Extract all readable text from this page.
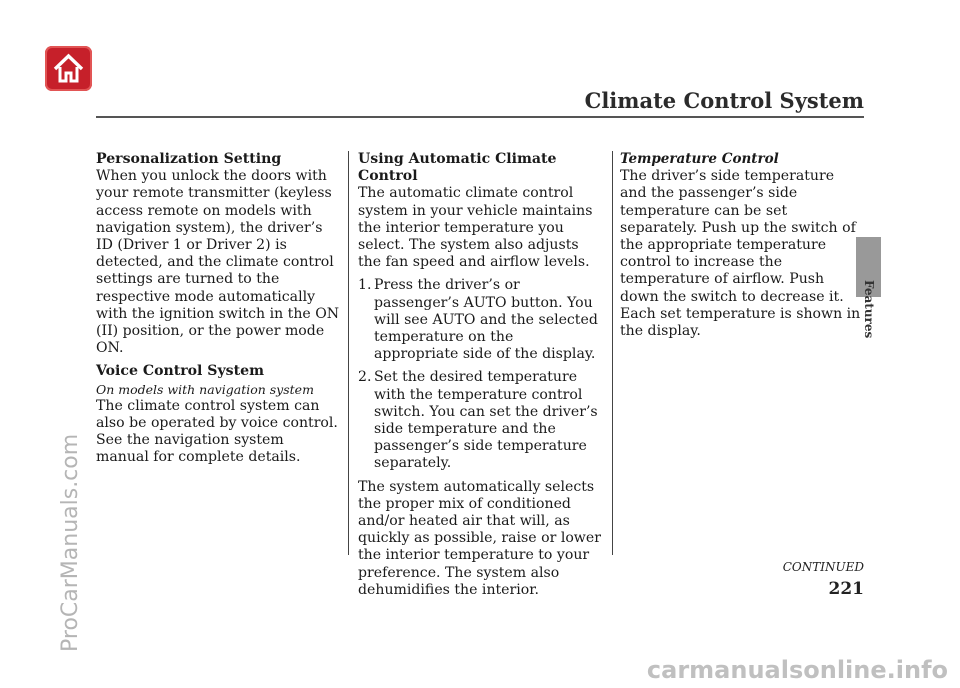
Climate Control System
Features
ProCarManuals.com
carmanualsonline.info

Personalization Setting

When you unlock the doors with your remote transmitter (keyless access remote on models with navigation system), the driver’s ID (Driver 1 or Driver 2) is detected, and the climate control settings are turned to the respective mode automatically with the ignition switch in the ON (II) position, or the power mode ON.

Voice Control System

On models with navigation system

The climate control system can also be operated by voice control. See the navigation system manual for complete details.

Using Automatic Climate Control

The automatic climate control system in your vehicle maintains the interior temperature you select. The system also adjusts the fan speed and airflow levels.

1. Press the driver’s or passenger’s AUTO button. You will see AUTO and the selected temperature on the appropriate side of the display.
2. Set the desired temperature with the temperature control switch. You can set the driver’s side temperature and the passenger’s side temperature separately.

The system automatically selects the proper mix of conditioned and/or heated air that will, as quickly as possible, raise or lower the interior temperature to your preference. The system also dehumidifies the interior.

Temperature Control

The driver’s side temperature and the passenger’s side temperature can be set separately. Push up the switch of the appropriate temperature control to increase the temperature of airflow. Push down the switch to decrease it. Each set temperature is shown in the display.

CONTINUED
221
